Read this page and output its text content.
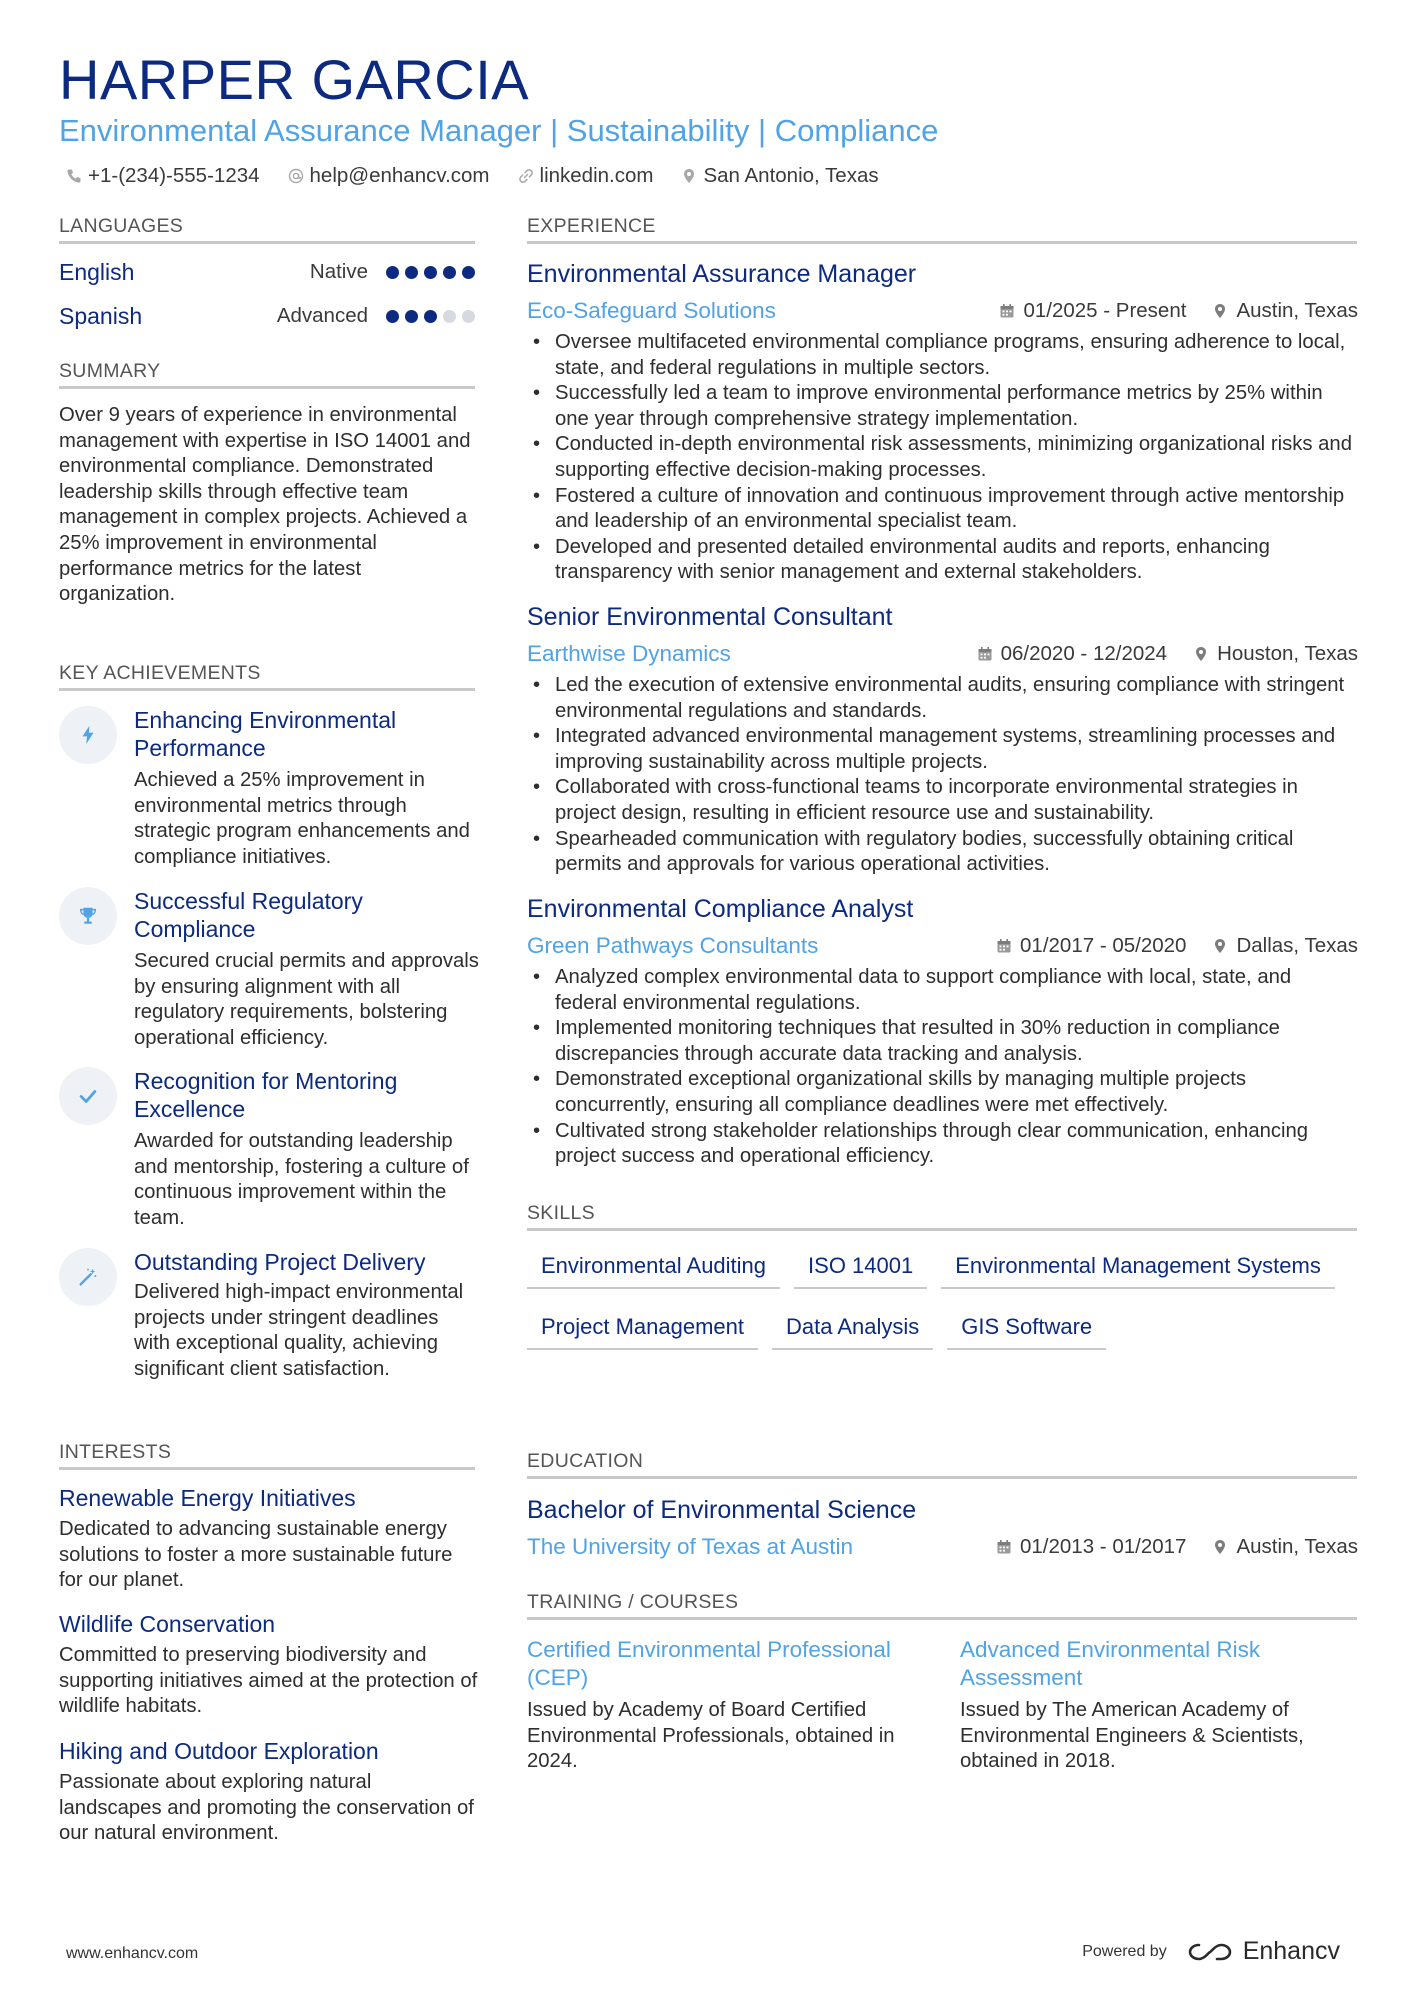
HARPER GARCIA
Environmental Assurance Manager | Sustainability | Compliance
+1-(234)-555-1234 help@enhancv.com linkedin.com San Antonio, Texas
LANGUAGES
English	Native
Spanish	Advanced
SUMMARY
Over 9 years of experience in environmental management with expertise in ISO 14001 and environmental compliance. Demonstrated leadership skills through effective team management in complex projects. Achieved a 25% improvement in environmental performance metrics for the latest organization.
KEY ACHIEVEMENTS
Enhancing Environmental Performance
Achieved a 25% improvement in environmental metrics through strategic program enhancements and compliance initiatives.
Successful Regulatory Compliance
Secured crucial permits and approvals by ensuring alignment with all regulatory requirements, bolstering operational efficiency.
Recognition for Mentoring Excellence
Awarded for outstanding leadership and mentorship, fostering a culture of continuous improvement within the team.
Outstanding Project Delivery
Delivered high-impact environmental projects under stringent deadlines with exceptional quality, achieving significant client satisfaction.
INTERESTS
Renewable Energy Initiatives
Dedicated to advancing sustainable energy solutions to foster a more sustainable future for our planet.
Wildlife Conservation
Committed to preserving biodiversity and supporting initiatives aimed at the protection of wildlife habitats.
Hiking and Outdoor Exploration
Passionate about exploring natural landscapes and promoting the conservation of our natural environment.
EXPERIENCE
Environmental Assurance Manager
Eco-Safeguard Solutions	01/2025 - Present Austin, Texas
• Oversee multifaceted environmental compliance programs, ensuring adherence to local, state, and federal regulations in multiple sectors.
• Successfully led a team to improve environmental performance metrics by 25% within one year through comprehensive strategy implementation.
• Conducted in-depth environmental risk assessments, minimizing organizational risks and supporting effective decision-making processes.
• Fostered a culture of innovation and continuous improvement through active mentorship and leadership of an environmental specialist team.
• Developed and presented detailed environmental audits and reports, enhancing transparency with senior management and external stakeholders.
Senior Environmental Consultant
Earthwise Dynamics	06/2020 - 12/2024 Houston, Texas
• Led the execution of extensive environmental audits, ensuring compliance with stringent environmental regulations and standards.
• Integrated advanced environmental management systems, streamlining processes and improving sustainability across multiple projects.
• Collaborated with cross-functional teams to incorporate environmental strategies in project design, resulting in efficient resource use and sustainability.
• Spearheaded communication with regulatory bodies, successfully obtaining critical permits and approvals for various operational activities.
Environmental Compliance Analyst
Green Pathways Consultants	01/2017 - 05/2020 Dallas, Texas
• Analyzed complex environmental data to support compliance with local, state, and federal environmental regulations.
• Implemented monitoring techniques that resulted in 30% reduction in compliance discrepancies through accurate data tracking and analysis.
• Demonstrated exceptional organizational skills by managing multiple projects concurrently, ensuring all compliance deadlines were met effectively.
• Cultivated strong stakeholder relationships through clear communication, enhancing project success and operational efficiency.
SKILLS
Environmental Auditing	ISO 14001	Environmental Management Systems
Project Management	Data Analysis	GIS Software
EDUCATION
Bachelor of Environmental Science
The University of Texas at Austin	01/2013 - 01/2017 Austin, Texas
TRAINING / COURSES
Certified Environmental Professional (CEP)
Issued by Academy of Board Certified Environmental Professionals, obtained in 2024.
Advanced Environmental Risk Assessment
Issued by The American Academy of Environmental Engineers & Scientists, obtained in 2018.
www.enhancv.com	Powered by	Enhancv
